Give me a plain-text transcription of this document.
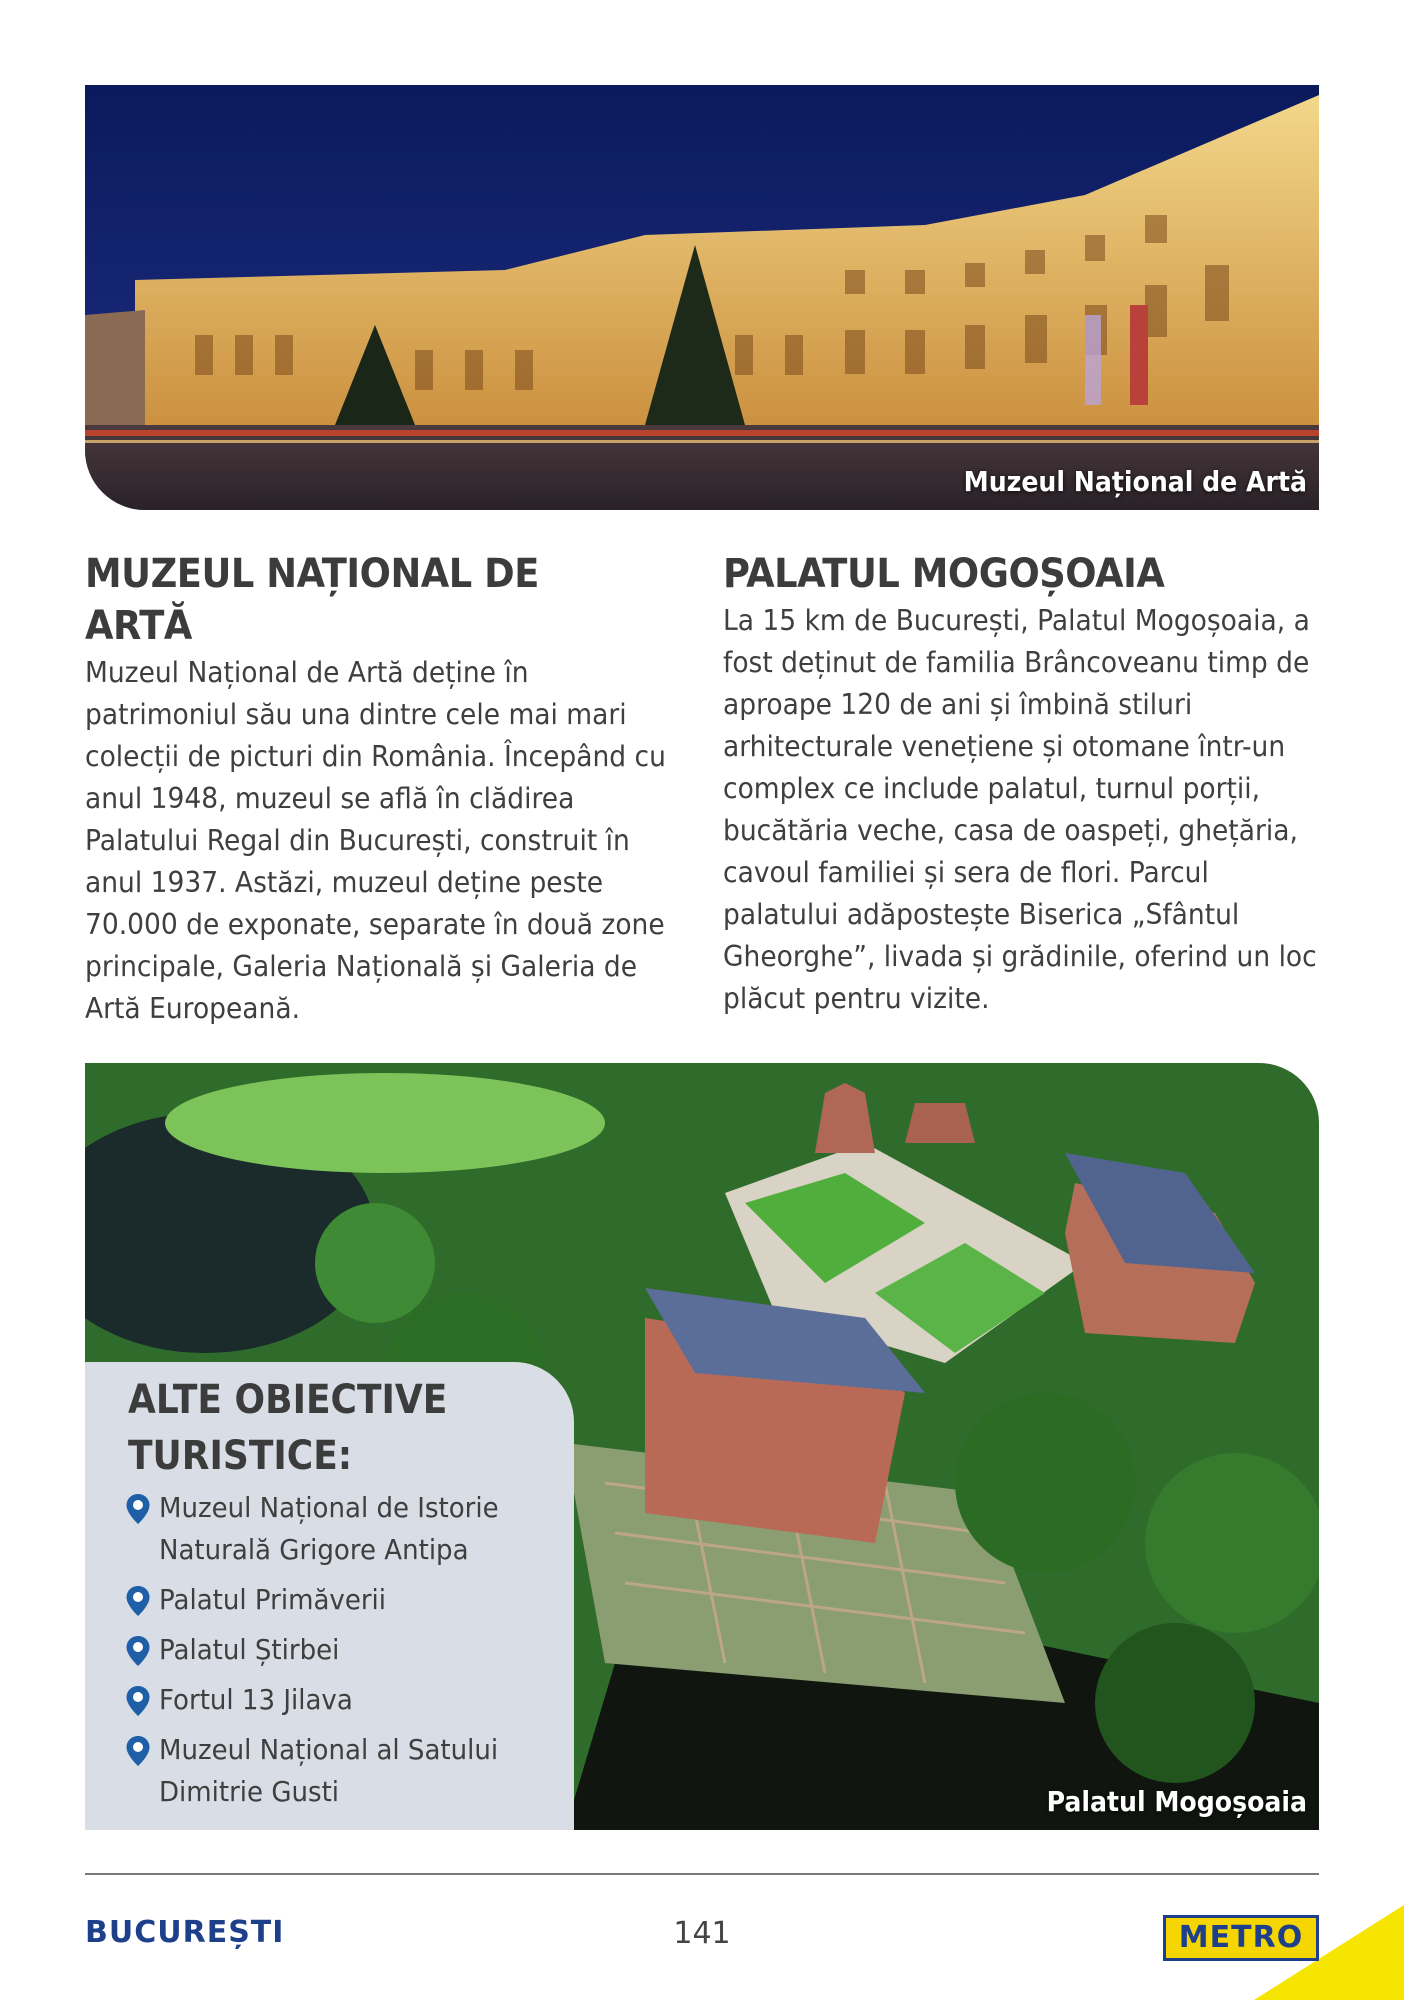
Muzeul Național de Artă
MUZEUL NAȚIONAL DE ARTĂ

Muzeul Național de Artă deține în patrimoniul său una dintre cele mai mari colecții de picturi din România. Începând cu anul 1948, muzeul se află în clădirea Palatului Regal din București, construit în anul 1937. Astăzi, muzeul deține peste 70.000 de exponate, separate în două zone principale, Galeria Națională și Galeria de Artă Europeană.

PALATUL MOGOȘOAIA

La 15 km de București, Palatul Mogoșoaia, a fost deținut de familia Brâncoveanu timp de aproape 120 de ani și îmbină stiluri arhitecturale venețiene și otomane într-un complex ce include palatul, turnul porții, bucătăria veche, casa de oaspeți, ghețăria, cavoul familiei și sera de flori. Parcul palatului adăpostește Biserica „Sfântul Gheorghe”, livada și grădinile, oferind un loc plăcut pentru vizite.

Palatul Mogoșoaia
ALTE OBIECTIVE TURISTICE:
Muzeul Național de Istorie Naturală Grigore Antipa
Palatul Primăverii
Palatul Știrbei
Fortul 13 Jilava
Muzeul Național al Satului Dimitrie Gusti
BUCUREȘTI	141	METRO
